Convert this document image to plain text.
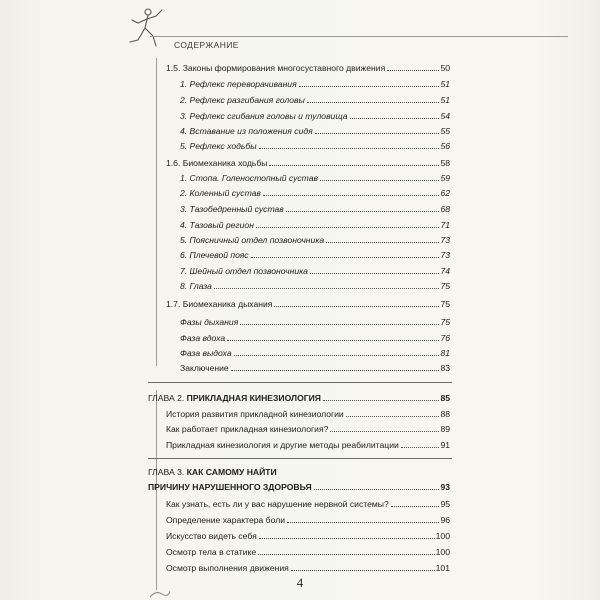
СОДЕРЖАНИЕ
1.5. Законы формирования многосуставного движения	50
1. Рефлекс переворачивания	51
2. Рефлекс разгибания головы	51
3. Рефлекс сгибания головы и туловища	54
4. Вставание из положения сидя	55
5. Рефлекс ходьбы	56
1.6. Биомеханика ходьбы	58
1. Стопа. Голеностопный сустав	59
2. Коленный сустав	62
3. Тазобедренный сустав	68
4. Тазовый регион	71
5. Поясничный отдел позвоночника	73
6. Плечевой пояс	73
7. Шейный отдел позвоночника	74
8. Глаза	75
1.7. Биомеханика дыхания	75
Фазы дыхания	75
Фаза вдоха	76
Фаза выдоха	81
Заключение	83
ГЛАВА 2.
ПРИКЛАДНАЯ КИНЕЗИОЛОГИЯ	85
История развития прикладной кинезиологии	88
Как работает прикладная кинезиология?	89
Прикладная кинезиология и другие методы реабилитации	91
ГЛАВА 3.
КАК САМОМУ НАЙТИ
ПРИЧИНУ НАРУШЕННОГО ЗДОРОВЬЯ	93
Как узнать, есть ли у вас нарушение нервной системы?	95
Определение характера боли	96
Искусство видеть себя	100
Осмотр тела в статике	100
Осмотр выполнения движения	101
4
